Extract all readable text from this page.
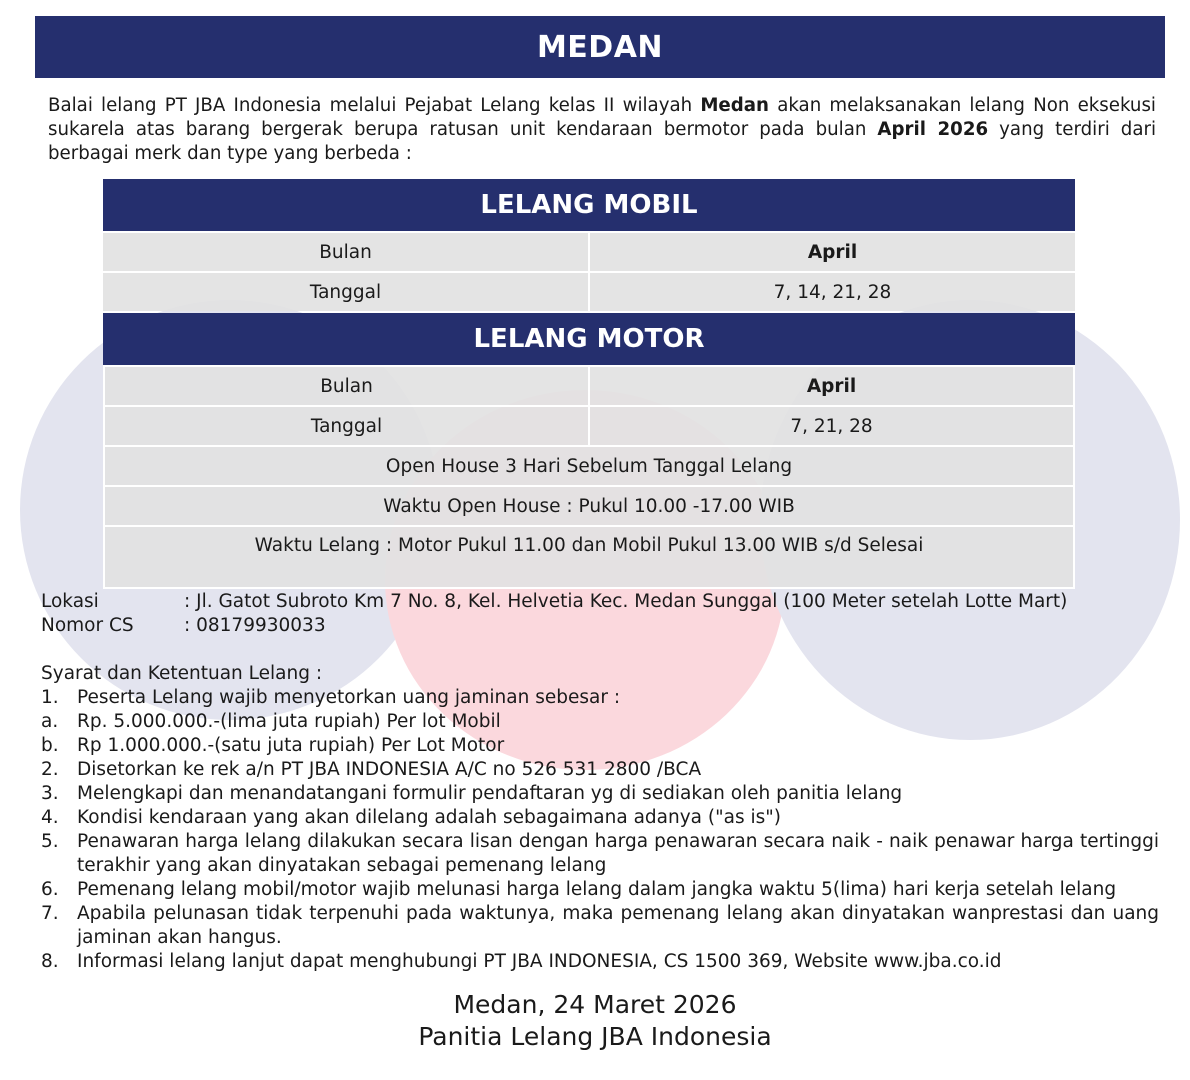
MEDAN
Balai lelang PT JBA Indonesia melalui Pejabat Lelang kelas II wilayah Medan akan melaksanakan lelang Non eksekusi sukarela atas barang bergerak berupa ratusan unit kendaraan bermotor pada bulan April 2026 yang terdiri dari berbagai merk dan type yang berbeda :
LELANG MOBIL
Bulan	April
Tanggal	7, 14, 21, 28
LELANG MOTOR
Bulan	April
Tanggal	7, 21, 28
Open House 3 Hari Sebelum Tanggal Lelang
Waktu Open House : Pukul 10.00 -17.00 WIB
Waktu Lelang : Motor Pukul 11.00 dan Mobil Pukul 13.00 WIB s/d Selesai
Lokasi	: Jl. Gatot Subroto Km 7 No. 8, Kel. Helvetia Kec. Medan Sunggal (100 Meter setelah Lotte Mart)
Nomor CS	: 08179930033
Syarat dan Ketentuan Lelang :
1. Peserta Lelang wajib menyetorkan uang jaminan sebesar :
a.	Rp. 5.000.000.-(lima juta rupiah) Per lot Mobil
b. Rp 1.000.000.-(satu juta rupiah) Per Lot Motor
2. Disetorkan ke rek a/n PT JBA INDONESIA A/C no 526 531 2800 /BCA
3. Melengkapi dan menandatangani formulir pendaftaran yg di sediakan oleh panitia lelang
4. Kondisi kendaraan yang akan dilelang adalah sebagaimana adanya ("as is")
5. Penawaran harga lelang dilakukan secara lisan dengan harga penawaran secara naik - naik penawar harga tertinggi terakhir yang akan dinyatakan sebagai pemenang lelang
6. Pemenang lelang mobil/motor wajib melunasi harga lelang dalam jangka waktu 5(lima) hari kerja setelah lelang
7. Apabila pelunasan tidak terpenuhi pada waktunya, maka pemenang lelang akan dinyatakan wanprestasi dan uang jaminan akan hangus.
8. Informasi lelang lanjut dapat menghubungi PT JBA INDONESIA, CS 1500 369, Website www.jba.co.id
Medan, 24 Maret 2026
Panitia Lelang JBA Indonesia
